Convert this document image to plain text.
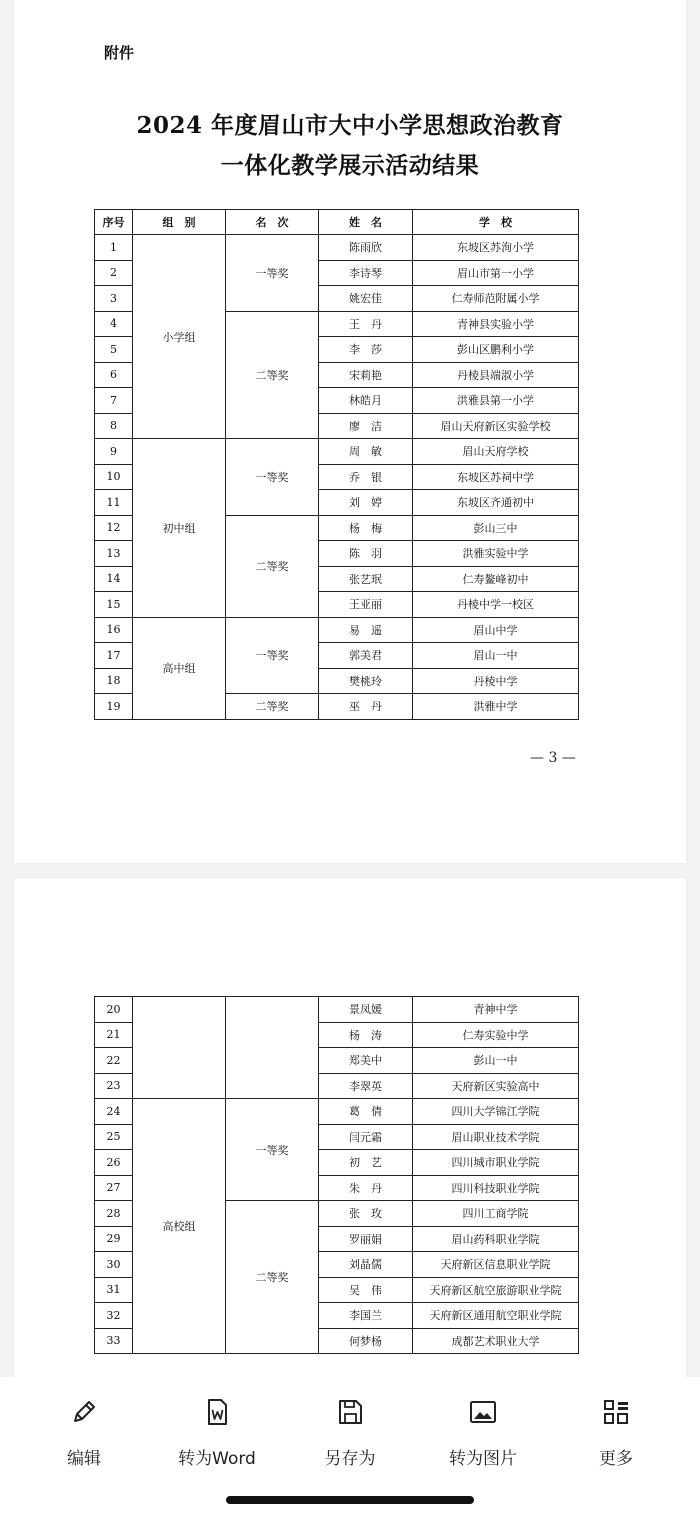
附件
2024 年度眉山市大中小学思想政治教育
一体化教学展示活动结果
序号	组　别	名　次	姓　名	学　校
1	小学组	一等奖	陈雨欣	东坡区苏洵小学
2			李诗琴	眉山市第一小学
3			姚宏佳	仁寿师范附属小学
4		二等奖	王　丹	青神县实验小学
5			李　莎	彭山区鹏利小学
6			宋莉艳	丹棱县端淑小学
7			林皓月	洪雅县第一小学
8			廖　洁	眉山天府新区实验学校
9	初中组	一等奖	周　敏	眉山天府学校
10			乔　银	东坡区苏祠中学
11			刘　婷	东坡区齐通初中
12		二等奖	杨　梅	彭山三中
13			陈　羽	洪雅实验中学
14			张艺珉	仁寿鳌峰初中
15			王亚丽	丹棱中学一校区
16	高中组	一等奖	易　遥	眉山中学
17			郭美君	眉山一中
18			樊桃玲	丹棱中学
19		二等奖	巫　丹	洪雅中学
— 3 —
20			景凤媛	青神中学
21			杨　涛	仁寿实验中学
22			郑美中	彭山一中
23			李翠英	天府新区实验高中
24	高校组	一等奖	葛　倩	四川大学锦江学院
25			闫元霜	眉山职业技术学院
26			初　艺	四川城市职业学院
27			朱　丹	四川科技职业学院
28		二等奖	张　玫	四川工商学院
29			罗丽娟	眉山药科职业学院
30			刘晶儒	天府新区信息职业学院
31			吴　伟	天府新区航空旅游职业学院
32			李国兰	天府新区通用航空职业学院
33			何梦杨	成都艺术职业大学
编辑	转为Word	另存为	转为图片	更多
